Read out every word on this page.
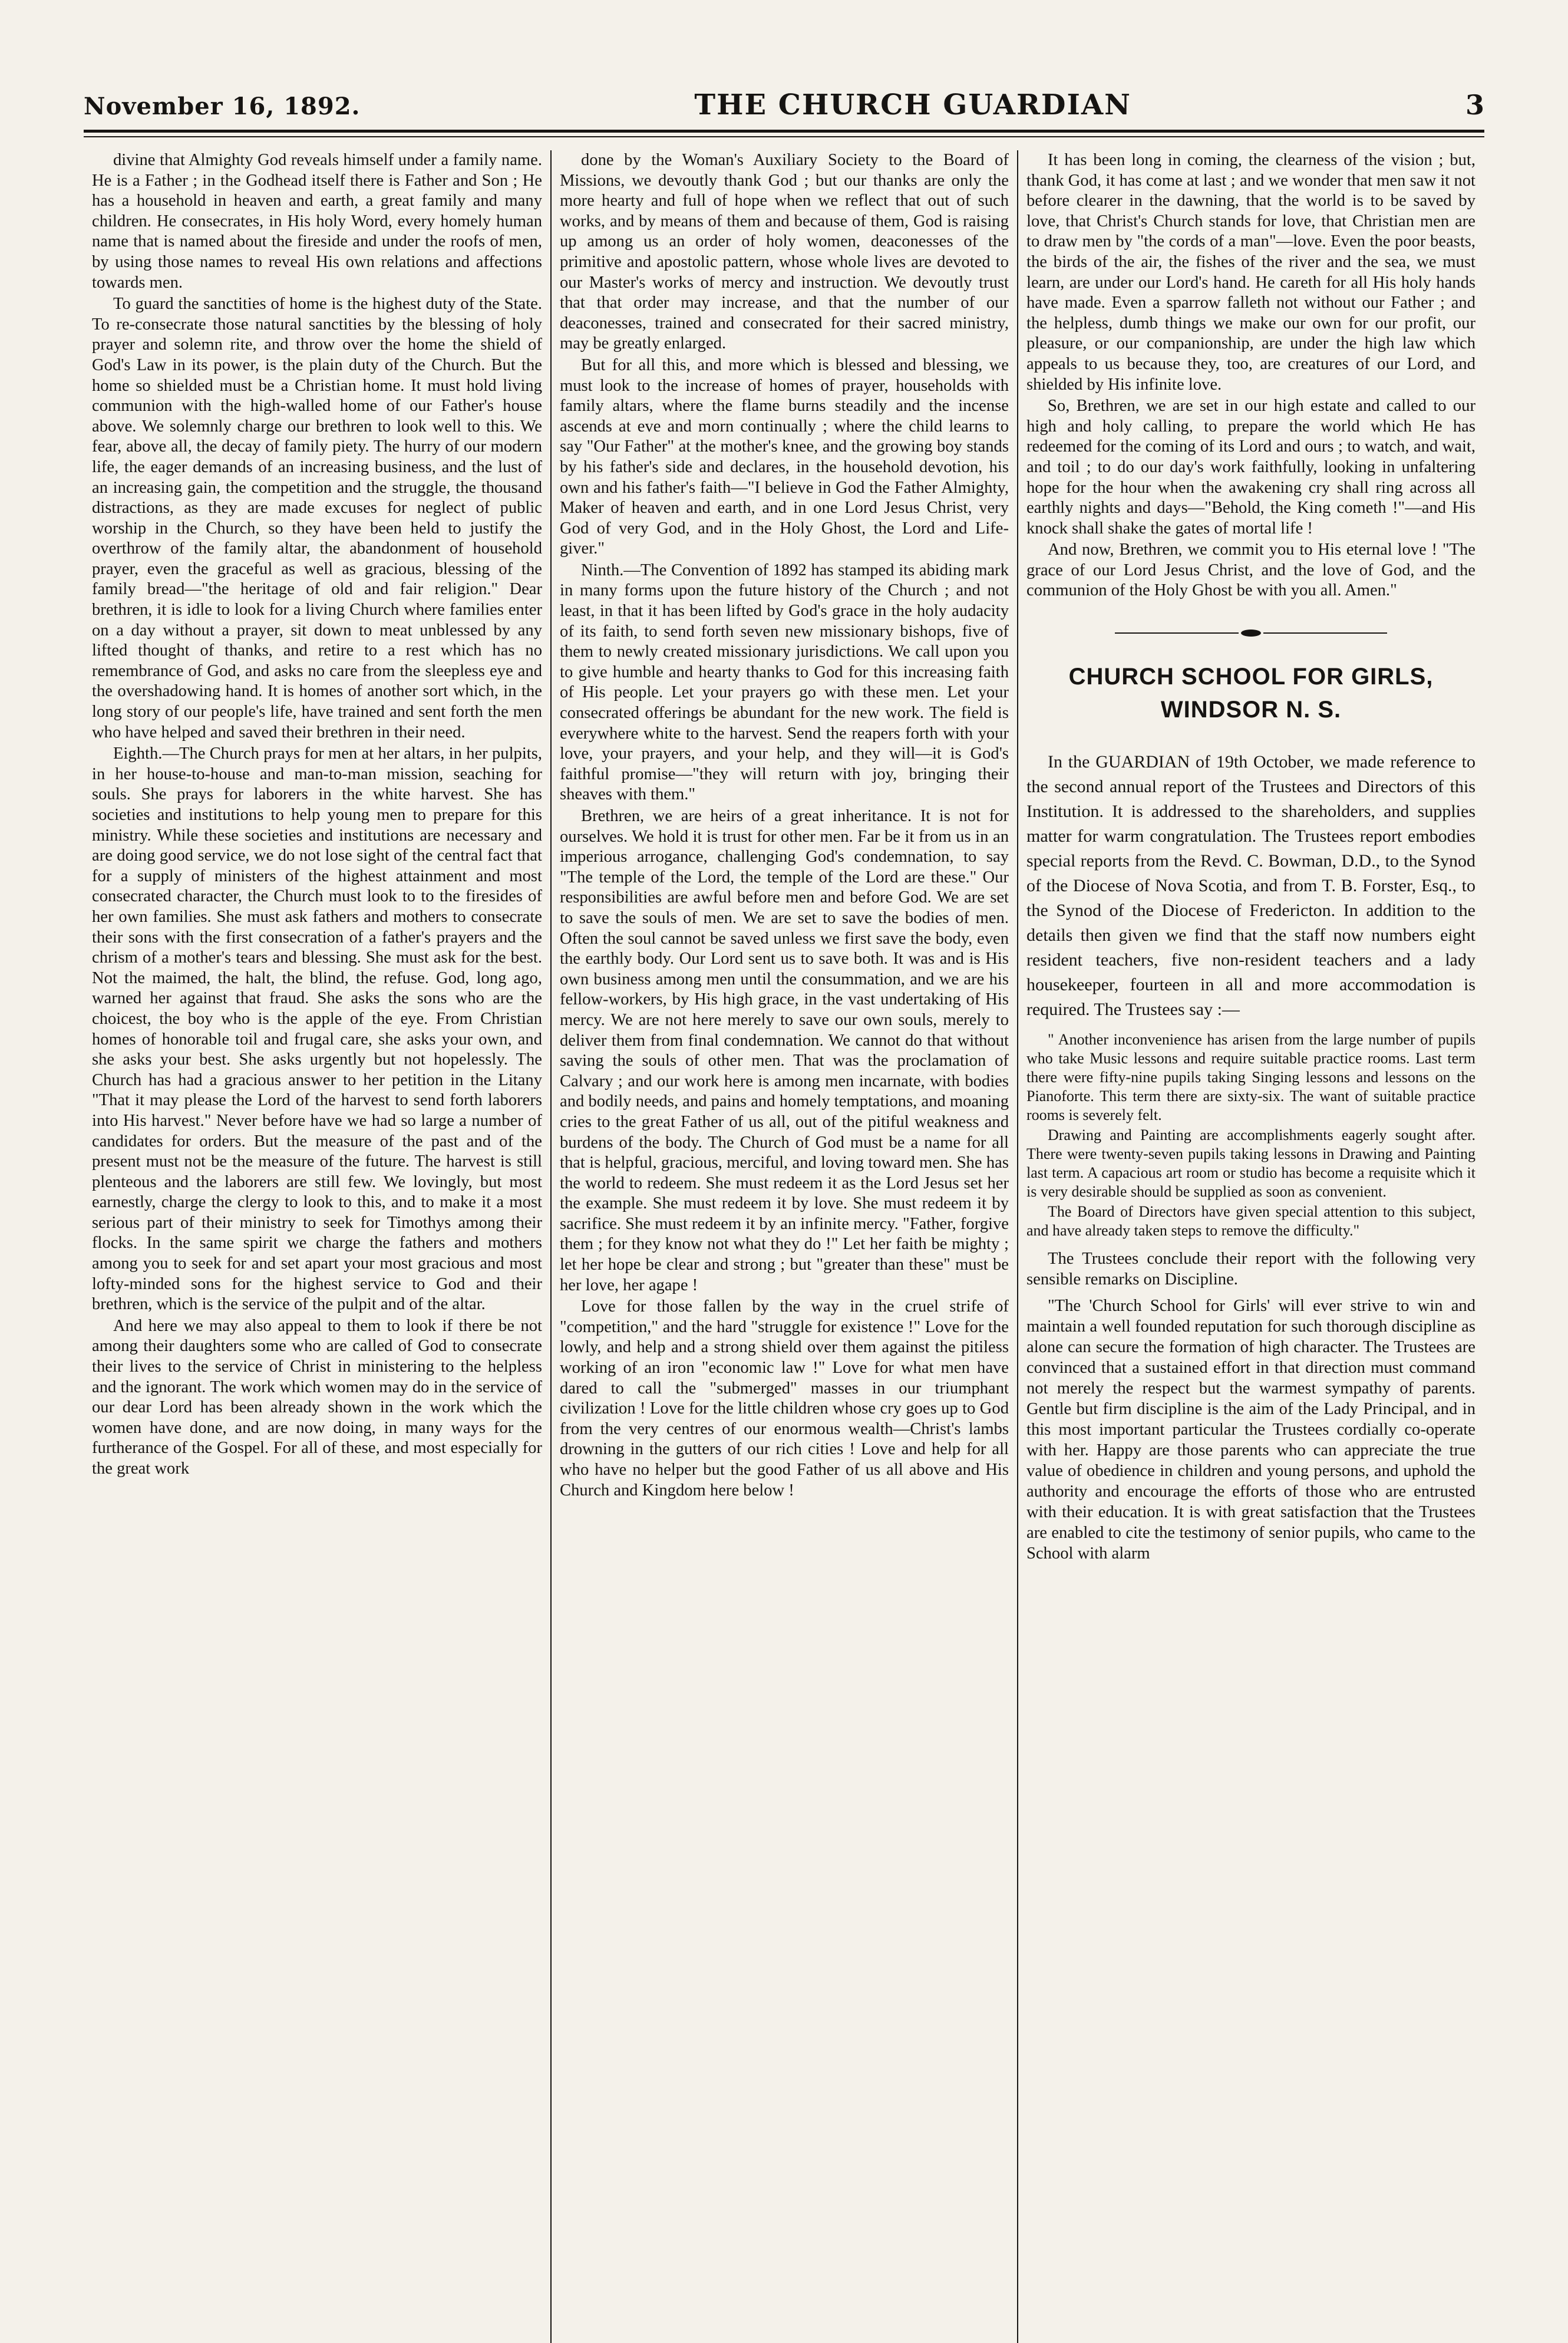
November 16, 1892.	THE CHURCH GUARDIAN	3

divine that Almighty God reveals himself under a family name. He is a Father ; in the Godhead itself there is Father and Son ; He has a household in heaven and earth, a great family and many children. He consecrates, in His holy Word, every homely human name that is named about the fireside and under the roofs of men, by using those names to reveal His own relations and affections towards men.

To guard the sanctities of home is the highest duty of the State. To re-consecrate those natural sanctities by the blessing of holy prayer and solemn rite, and throw over the home the shield of God's Law in its power, is the plain duty of the Church. But the home so shielded must be a Christian home. It must hold living communion with the high-walled home of our Father's house above. We solemnly charge our brethren to look well to this. We fear, above all, the decay of family piety. The hurry of our modern life, the eager demands of an increasing business, and the lust of an increasing gain, the competition and the struggle, the thousand distractions, as they are made excuses for neglect of public worship in the Church, so they have been held to justify the overthrow of the family altar, the abandonment of household prayer, even the graceful as well as gracious, blessing of the family bread—"the heritage of old and fair religion." Dear brethren, it is idle to look for a living Church where families enter on a day without a prayer, sit down to meat unblessed by any lifted thought of thanks, and retire to a rest which has no remembrance of God, and asks no care from the sleepless eye and the overshadowing hand. It is homes of another sort which, in the long story of our people's life, have trained and sent forth the men who have helped and saved their brethren in their need.

Eighth.—The Church prays for men at her altars, in her pulpits, in her house-to-house and man-to-man mission, seaching for souls. She prays for laborers in the white harvest. She has societies and institutions to help young men to prepare for this ministry. While these societies and institutions are necessary and are doing good service, we do not lose sight of the central fact that for a supply of ministers of the highest attainment and most consecrated character, the Church must look to to the firesides of her own families. She must ask fathers and mothers to consecrate their sons with the first consecration of a father's prayers and the chrism of a mother's tears and blessing. She must ask for the best. Not the maimed, the halt, the blind, the refuse. God, long ago, warned her against that fraud. She asks the sons who are the choicest, the boy who is the apple of the eye. From Christian homes of honorable toil and frugal care, she asks your own, and she asks your best. She asks urgently but not hopelessly. The Church has had a gracious answer to her petition in the Litany "That it may please the Lord of the harvest to send forth laborers into His harvest." Never before have we had so large a number of candidates for orders. But the measure of the past and of the present must not be the measure of the future. The harvest is still plenteous and the laborers are still few. We lovingly, but most earnestly, charge the clergy to look to this, and to make it a most serious part of their ministry to seek for Timothys among their flocks. In the same spirit we charge the fathers and mothers among you to seek for and set apart your most gracious and most lofty-minded sons for the highest service to God and their brethren, which is the service of the pulpit and of the altar.

And here we may also appeal to them to look if there be not among their daughters some who are called of God to consecrate their lives to the service of Christ in ministering to the helpless and the ignorant. The work which women may do in the service of our dear Lord has been already shown in the work which the women have done, and are now doing, in many ways for the furtherance of the Gospel. For all of these, and most especially for the great work

done by the Woman's Auxiliary Society to the Board of Missions, we devoutly thank God ; but our thanks are only the more hearty and full of hope when we reflect that out of such works, and by means of them and because of them, God is raising up among us an order of holy women, deaconesses of the primitive and apostolic pattern, whose whole lives are devoted to our Master's works of mercy and instruction. We devoutly trust that that order may increase, and that the number of our deaconesses, trained and consecrated for their sacred ministry, may be greatly enlarged.

But for all this, and more which is blessed and blessing, we must look to the increase of homes of prayer, households with family altars, where the flame burns steadily and the incense ascends at eve and morn continually ; where the child learns to say "Our Father" at the mother's knee, and the growing boy stands by his father's side and declares, in the household devotion, his own and his father's faith—"I believe in God the Father Almighty, Maker of heaven and earth, and in one Lord Jesus Christ, very God of very God, and in the Holy Ghost, the Lord and Life-giver."

Ninth.—The Convention of 1892 has stamped its abiding mark in many forms upon the future history of the Church ; and not least, in that it has been lifted by God's grace in the holy audacity of its faith, to send forth seven new missionary bishops, five of them to newly created missionary jurisdictions. We call upon you to give humble and hearty thanks to God for this increasing faith of His people. Let your prayers go with these men. Let your consecrated offerings be abundant for the new work. The field is everywhere white to the harvest. Send the reapers forth with your love, your prayers, and your help, and they will—it is God's faithful promise—"they will return with joy, bringing their sheaves with them."

Brethren, we are heirs of a great inheritance. It is not for ourselves. We hold it is trust for other men. Far be it from us in an imperious arrogance, challenging God's condemnation, to say "The temple of the Lord, the temple of the Lord are these." Our responsibilities are awful before men and before God. We are set to save the souls of men. We are set to save the bodies of men. Often the soul cannot be saved unless we first save the body, even the earthly body. Our Lord sent us to save both. It was and is His own business among men until the consummation, and we are his fellow-workers, by His high grace, in the vast undertaking of His mercy. We are not here merely to save our own souls, merely to deliver them from final condemnation. We cannot do that without saving the souls of other men. That was the proclamation of Calvary ; and our work here is among men incarnate, with bodies and bodily needs, and pains and homely temptations, and moaning cries to the great Father of us all, out of the pitiful weakness and burdens of the body. The Church of God must be a name for all that is helpful, gracious, merciful, and loving toward men. She has the world to redeem. She must redeem it as the Lord Jesus set her the example. She must redeem it by love. She must redeem it by sacrifice. She must redeem it by an infinite mercy. "Father, forgive them ; for they know not what they do !" Let her faith be mighty ; let her hope be clear and strong ; but "greater than these" must be her love, her agape !

Love for those fallen by the way in the cruel strife of "competition," and the hard "struggle for existence !" Love for the lowly, and help and a strong shield over them against the pitiless working of an iron "economic law !" Love for what men have dared to call the "submerged" masses in our triumphant civilization ! Love for the little children whose cry goes up to God from the very centres of our enormous wealth—Christ's lambs drowning in the gutters of our rich cities ! Love and help for all who have no helper but the good Father of us all above and His Church and Kingdom here below !

It has been long in coming, the clearness of the vision ; but, thank God, it has come at last ; and we wonder that men saw it not before clearer in the dawning, that the world is to be saved by love, that Christ's Church stands for love, that Christian men are to draw men by "the cords of a man"—love. Even the poor beasts, the birds of the air, the fishes of the river and the sea, we must learn, are under our Lord's hand. He careth for all His holy hands have made. Even a sparrow falleth not without our Father ; and the helpless, dumb things we make our own for our profit, our pleasure, or our companionship, are under the high law which appeals to us because they, too, are creatures of our Lord, and shielded by His infinite love.

So, Brethren, we are set in our high estate and called to our high and holy calling, to prepare the world which He has redeemed for the coming of its Lord and ours ; to watch, and wait, and toil ; to do our day's work faithfully, looking in unfaltering hope for the hour when the awakening cry shall ring across all earthly nights and days—"Behold, the King cometh !"—and His knock shall shake the gates of mortal life !

And now, Brethren, we commit you to His eternal love ! "The grace of our Lord Jesus Christ, and the love of God, and the communion of the Holy Ghost be with you all. Amen."

CHURCH SCHOOL FOR GIRLS, WINDSOR N. S.

In the GUARDIAN of 19th October, we made reference to the second annual report of the Trustees and Directors of this Institution. It is addressed to the shareholders, and supplies matter for warm congratulation. The Trustees report embodies special reports from the Revd. C. Bowman, D.D., to the Synod of the Diocese of Nova Scotia, and from T. B. Forster, Esq., to the Synod of the Diocese of Fredericton. In addition to the details then given we find that the staff now numbers eight resident teachers, five non-resident teachers and a lady housekeeper, fourteen in all and more accommodation is required. The Trustees say :—

" Another inconvenience has arisen from the large number of pupils who take Music lessons and require suitable practice rooms. Last term there were fifty-nine pupils taking Singing lessons and lessons on the Pianoforte. This term there are sixty-six. The want of suitable practice rooms is severely felt.

Drawing and Painting are accomplishments eagerly sought after. There were twenty-seven pupils taking lessons in Drawing and Painting last term. A capacious art room or studio has become a requisite which it is very desirable should be supplied as soon as convenient.

The Board of Directors have given special attention to this subject, and have already taken steps to remove the difficulty."

The Trustees conclude their report with the following very sensible remarks on Discipline.

"The 'Church School for Girls' will ever strive to win and maintain a well founded reputation for such thorough discipline as alone can secure the formation of high character. The Trustees are convinced that a sustained effort in that direction must command not merely the respect but the warmest sympathy of parents. Gentle but firm discipline is the aim of the Lady Principal, and in this most important particular the Trustees cordially co-operate with her. Happy are those parents who can appreciate the true value of obedience in children and young persons, and uphold the authority and encourage the efforts of those who are entrusted with their education. It is with great satisfaction that the Trustees are enabled to cite the testimony of senior pupils, who came to the School with alarm
